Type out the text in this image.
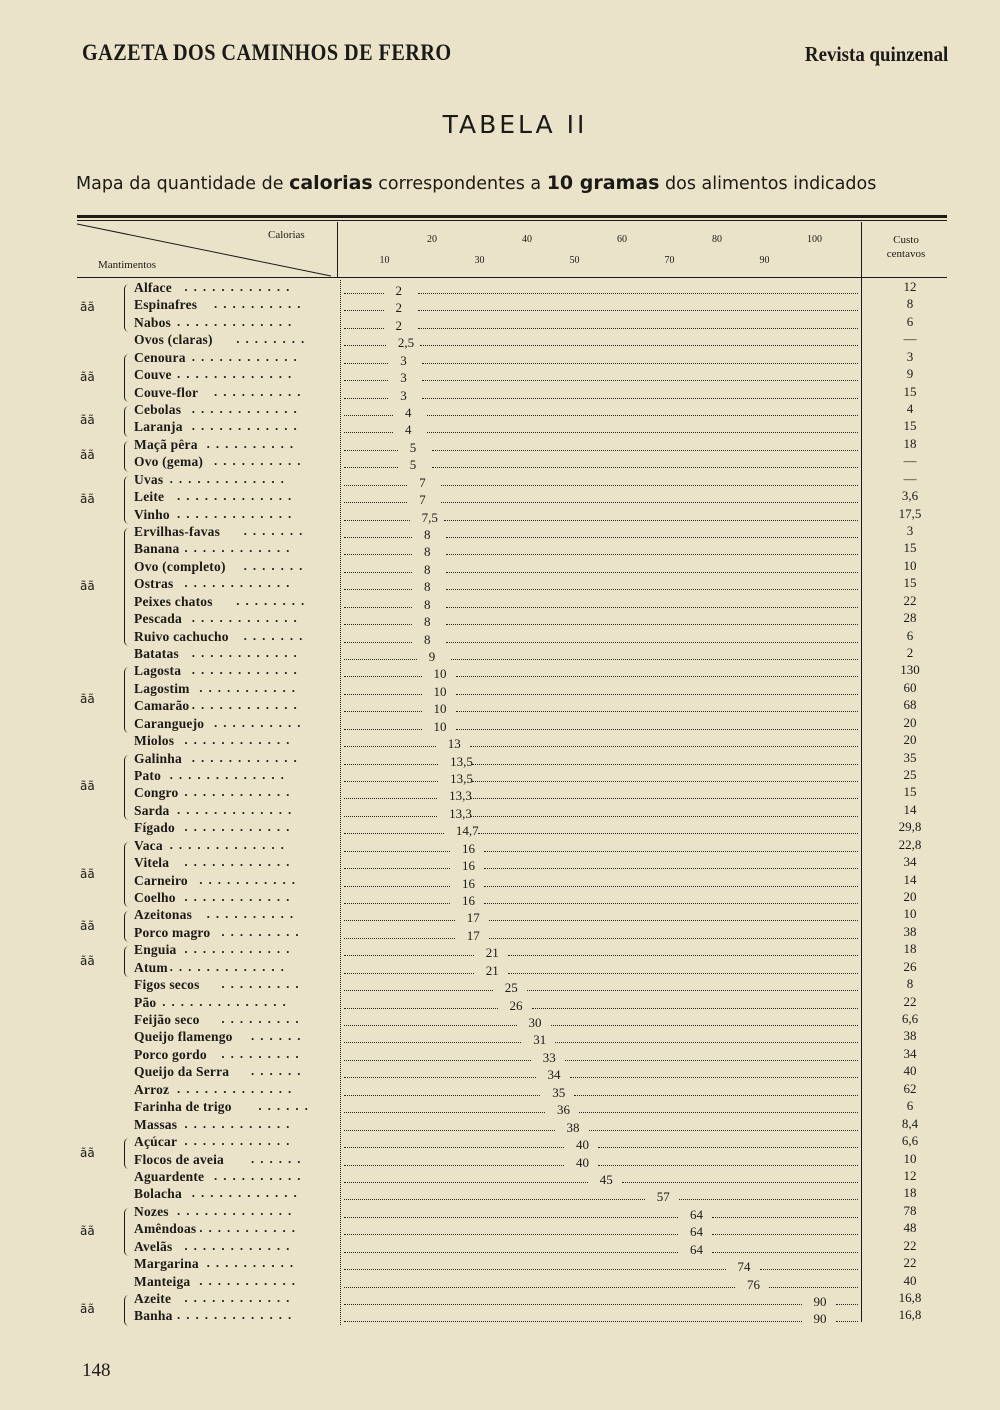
GAZETA DOS CAMINHOS DE FERRO	Revista quinzenal
TABELA II
Mapa da quantidade de calorias correspondentes a 10 gramas dos alimentos indicados
Calorias
Mantimentos
Custo
centavos
20	40	60	80	100
10	30	50	70	90
Alface ............	2	12
Espinafres ..........	2	8
Nabos .............	2	6
Ovos (claras) ........	2,5	—
Cenoura ............	3	3
Couve .............	3	9
Couve-flor ..........	3	15
Cebolas ............	4	4
Laranja ............	4	15
Maçã pêra ..........	5	18
Ovo (gema) ..........	5	—
Uvas .............	7	—
Leite .............	7	3,6
Vinho .............	7,5	17,5
Ervilhas-favas .......	8	3
Banana ............	8	15
Ovo (completo) .......	8	10
Ostras ............	8	15
Peixes chatos ........	8	22
Pescada ............	8	28
Ruivo cachucho .......	8	6
Batatas ............	9	2
Lagosta ............	10	130
Lagostim ...........	10	60
Camarão ............	10	68
Caranguejo ..........	10	20
Miolos ............	13	20
Galinha ............	13,5	35
Pato .............	13,5	25
Congro ............	13,3	15
Sarda .............	13,3	14
Fígado ............	14,7	29,8
Vaca .............	16	22,8
Vitela ............	16	34
Carneiro ...........	16	14
Coelho ............	16	20
Azeitonas ..........	17	10
Porco magro .........	17	38
Enguia ............	21	18
Atum .............	21	26
Figos secos .........	25	8
Pão ..............	26	22
Feijão seco .........	30	6,6
Queijo flamengo ......	31	38
Porco gordo .........	33	34
Queijo da Serra ......	34	40
Arroz .............	35	62
Farinha de trigo ......	36	6
Massas ............	38	8,4
Açúcar ............	40	6,6
Flocos de aveia ......	40	10
Aguardente ..........	45	12
Bolacha ............	57	18
Nozes .............	64	78
Amêndoas ...........	64	48
Avelãs ............	64	22
Margarina ..........	74	22
Manteiga ...........	76	40
Azeite ............	90	16,8
Banha .............	90	16,8
ãã
ãã
ãã
ãã
ãã
ãã
ãã
ãã
ãã
ãã
ãã
ãã
ãã
ãã
148
